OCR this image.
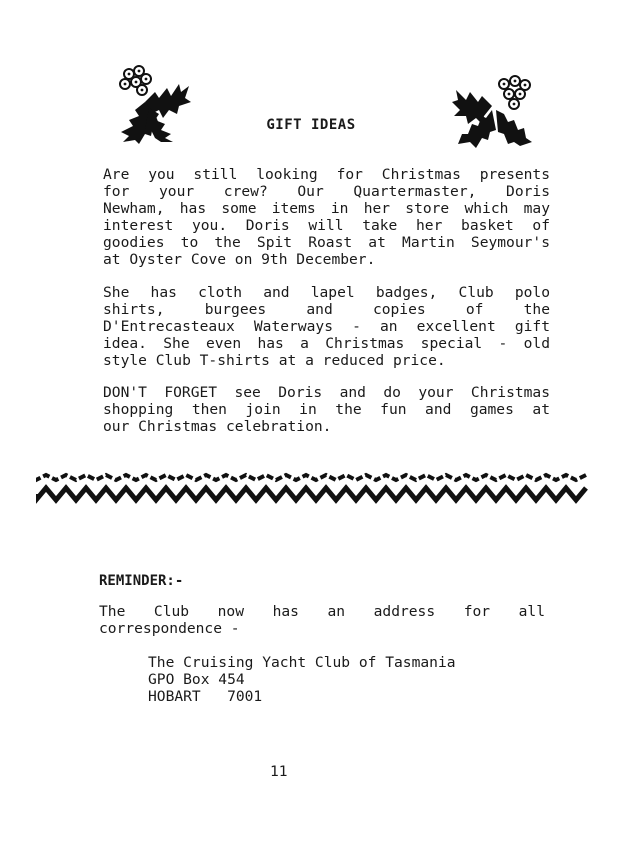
GIFT IDEAS
Are you still looking for Christmas presents
for your crew? Our Quartermaster, Doris
Newham, has some items in her store which may
interest you. Doris will take her basket of
goodies to the Spit Roast at Martin Seymour's
at Oyster Cove on 9th December.
She has cloth and lapel badges, Club polo
shirts, burgees and copies of the
D'Entrecasteaux Waterways - an excellent gift
idea. She even has a Christmas special - old
style Club T-shirts at a reduced price.
DON'T FORGET see Doris and do your Christmas
shopping then join in the fun and games at
our Christmas celebration.
REMINDER:-
The Club now has an address for all
correspondence -
The Cruising Yacht Club of Tasmania
GPO Box 454
HOBART   7001
11
